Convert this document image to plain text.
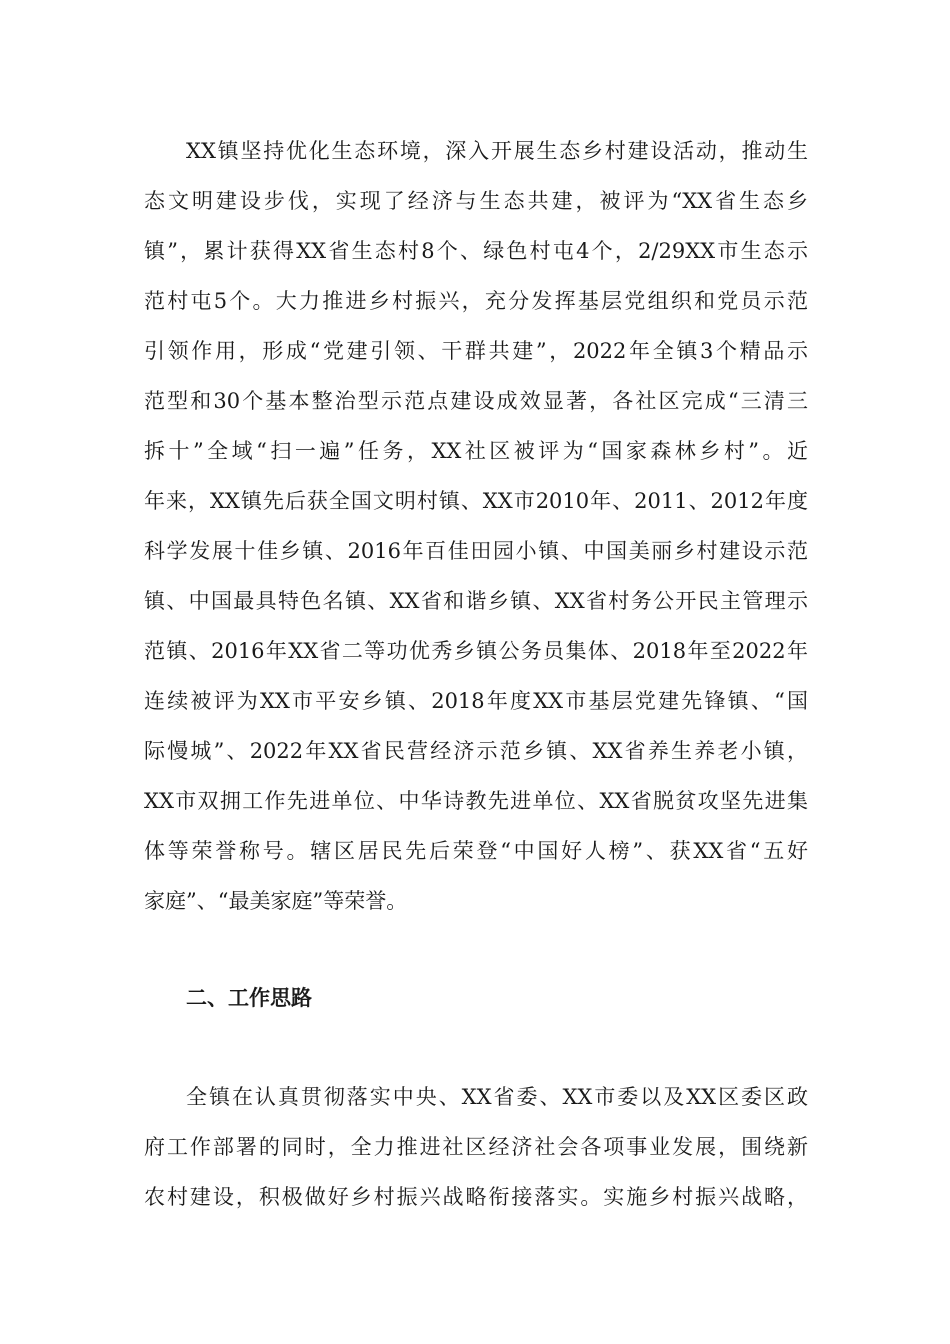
XX镇坚持优化生态环境，深入开展生态乡村建设活动，推动生
态文明建设步伐，实现了经济与生态共建，被评为“XX省生态乡
镇”，累计获得XX省生态村8个、绿色村屯4个，2/29XX市生态示
范村屯5个。大力推进乡村振兴，充分发挥基层党组织和党员示范
引领作用，形成“党建引领、干群共建”，2022年全镇3个精品示
范型和30个基本整治型示范点建设成效显著，各社区完成“三清三
拆十”全域“扫一遍”任务，XX社区被评为“国家森林乡村”。近
年来，XX镇先后获全国文明村镇、XX市2010年、2011、2012年度
科学发展十佳乡镇、2016年百佳田园小镇、中国美丽乡村建设示范
镇、中国最具特色名镇、XX省和谐乡镇、XX省村务公开民主管理示
范镇、2016年XX省二等功优秀乡镇公务员集体、2018年至2022年
连续被评为XX市平安乡镇、2018年度XX市基层党建先锋镇、“国
际慢城”、2022年XX省民营经济示范乡镇、XX省养生养老小镇，
XX市双拥工作先进单位、中华诗教先进单位、XX省脱贫攻坚先进集
体等荣誉称号。辖区居民先后荣登“中国好人榜”、获XX省“五好
家庭”、“最美家庭”等荣誉。
二、工作思路
全镇在认真贯彻落实中央、XX省委、XX市委以及XX区委区政
府工作部署的同时，全力推进社区经济社会各项事业发展，围绕新
农村建设，积极做好乡村振兴战略衔接落实。实施乡村振兴战略，
